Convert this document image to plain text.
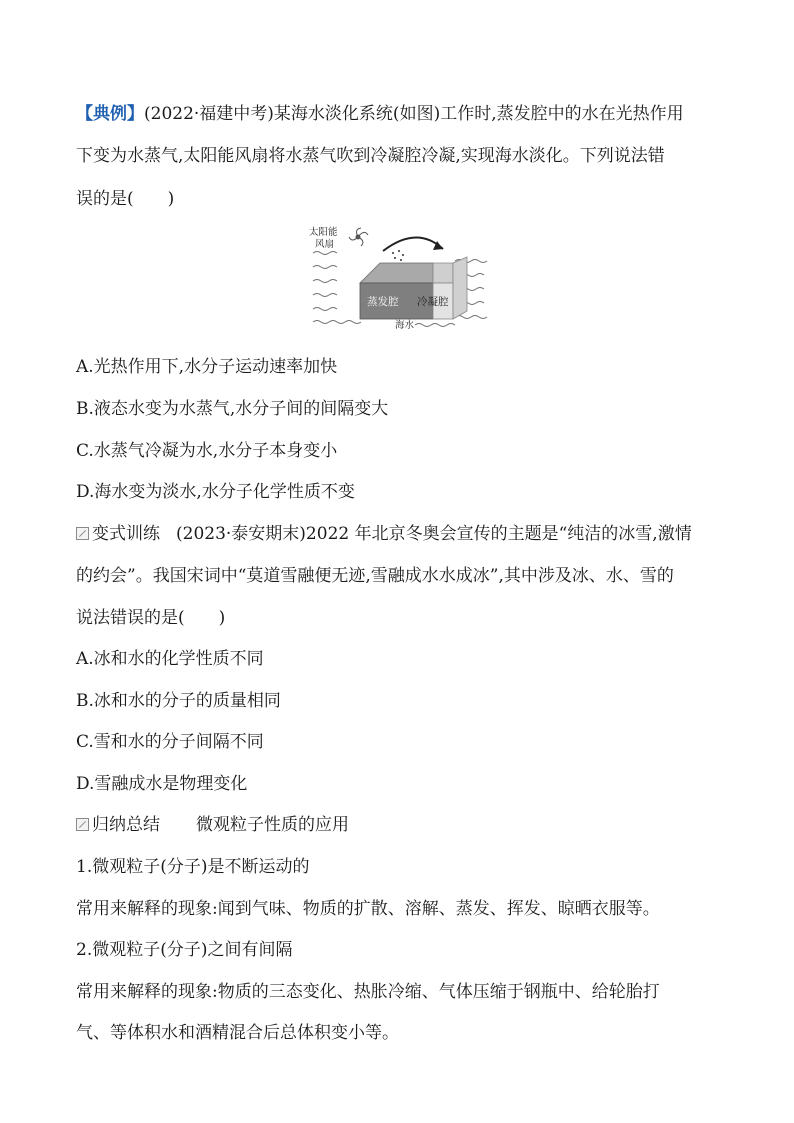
【典例】(2022·福建中考)某海水淡化系统(如图)工作时,蒸发腔中的水在光热作用
下变为水蒸气,太阳能风扇将水蒸气吹到冷凝腔冷凝,实现海水淡化。下列说法错
误的是(　　)
A.光热作用下,水分子运动速率加快
B.液态水变为水蒸气,水分子间的间隔变大
C.水蒸气冷凝为水,水分子本身变小
D.海水变为淡水,水分子化学性质不变
变式训练 (2023·泰安期末)2022 年北京冬奥会宣传的主题是“纯洁的冰雪,激情
的约会”。我国宋词中“莫道雪融便无迹,雪融成水水成冰”,其中涉及冰、水、雪的
说法错误的是(　　)
A.冰和水的化学性质不同
B.冰和水的分子的质量相同
C.雪和水的分子间隔不同
D.雪融成水是物理变化
归纳总结 微观粒子性质的应用
1.微观粒子(分子)是不断运动的
常用来解释的现象:闻到气味、物质的扩散、溶解、蒸发、挥发、晾晒衣服等。
2.微观粒子(分子)之间有间隔
常用来解释的现象:物质的三态变化、热胀冷缩、气体压缩于钢瓶中、给轮胎打
气、等体积水和酒精混合后总体积变小等。
太阳能
风扇
蒸发腔 冷凝腔
海水
